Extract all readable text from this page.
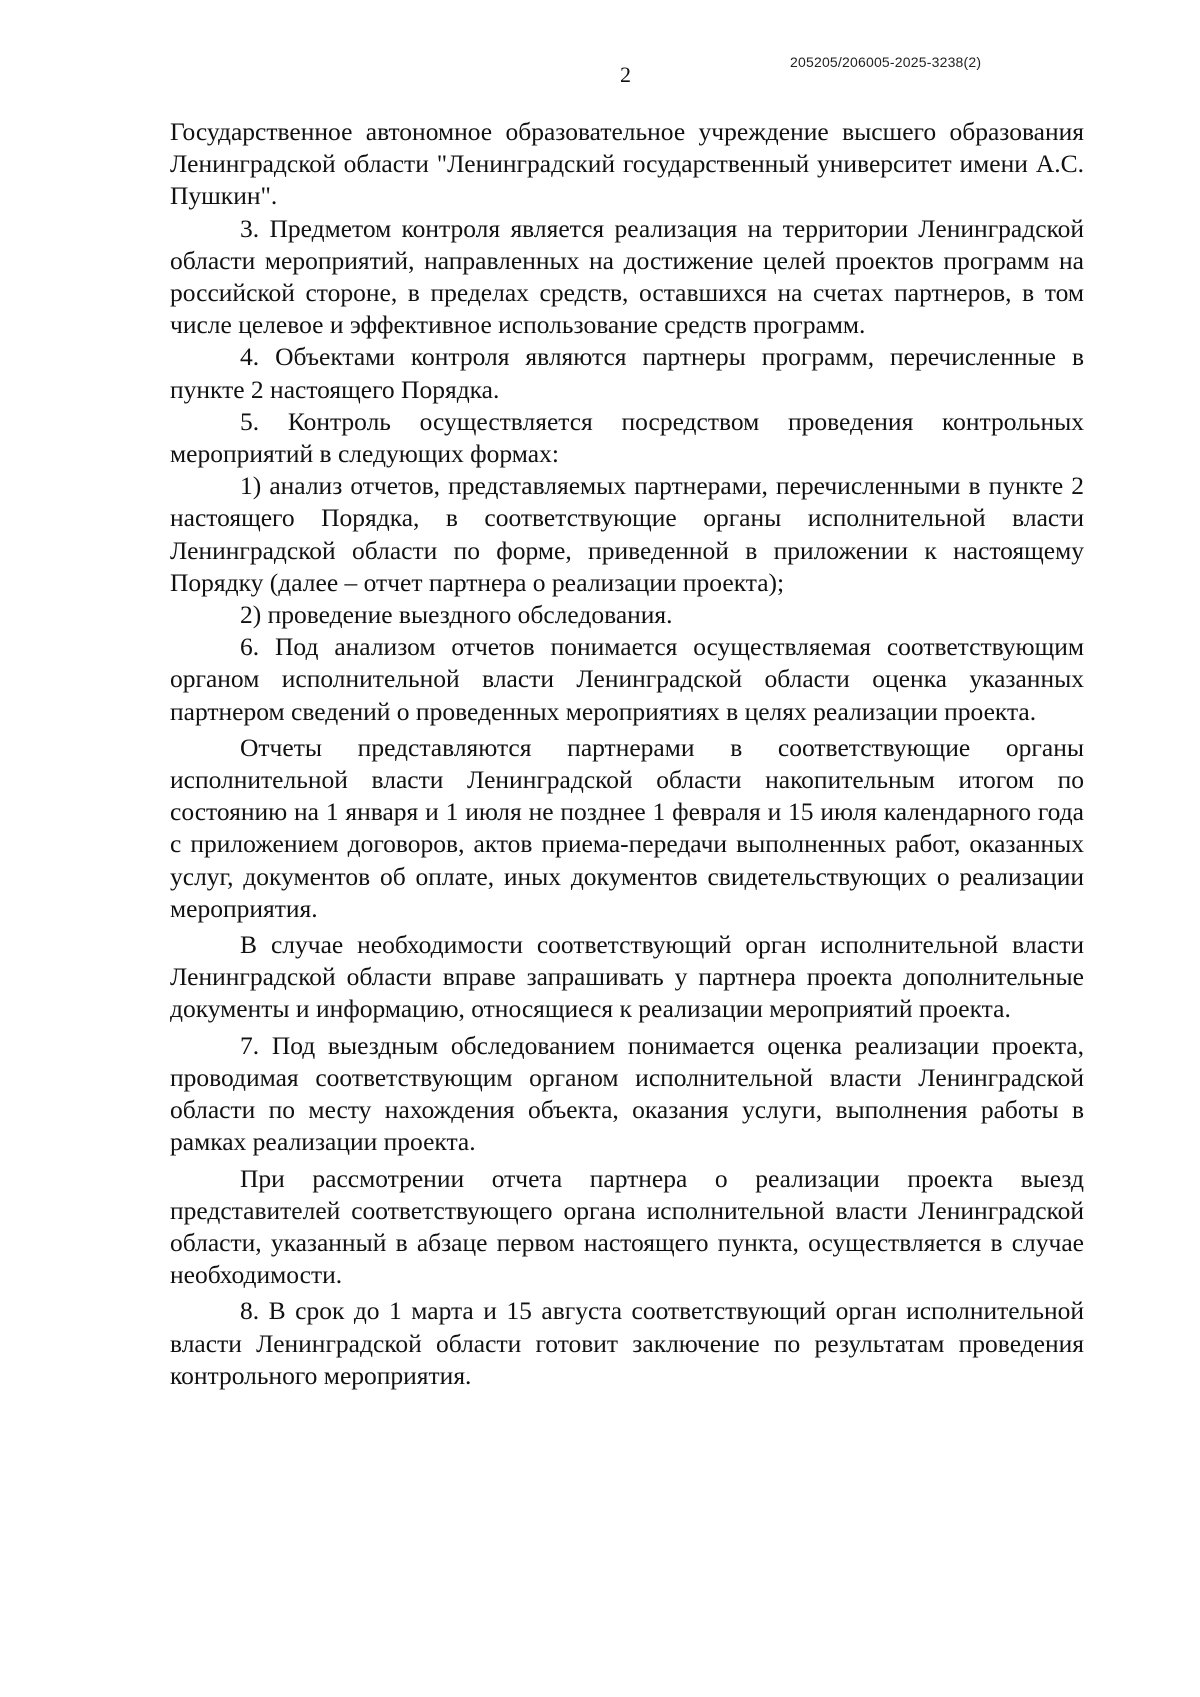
2	205205/206005-2025-3238(2)

Государственное автономное образовательное учреждение высшего образования Ленинградской области "Ленинградский государственный университет имени А.С. Пушкин".

3. Предметом контроля является реализация на территории Ленинградской области мероприятий, направленных на достижение целей проектов программ на российской стороне, в пределах средств, оставшихся на счетах партнеров, в том числе целевое и эффективное использование средств программ.

4. Объектами контроля являются партнеры программ, перечисленные в пункте 2 настоящего Порядка.

5. Контроль осуществляется посредством проведения контрольных мероприятий в следующих формах:

1) анализ отчетов, представляемых партнерами, перечисленными в пункте 2 настоящего Порядка, в соответствующие органы исполнительной власти Ленинградской области по форме, приведенной в приложении к настоящему Порядку (далее – отчет партнера о реализации проекта);

2) проведение выездного обследования.

6. Под анализом отчетов понимается осуществляемая соответствующим органом исполнительной власти Ленинградской области оценка указанных партнером сведений о проведенных мероприятиях в целях реализации проекта.

Отчеты представляются партнерами в соответствующие органы исполнительной власти Ленинградской области накопительным итогом по состоянию на 1 января и 1 июля не позднее 1 февраля и 15 июля календарного года с приложением договоров, актов приема-передачи выполненных работ, оказанных услуг, документов об оплате, иных документов свидетельствующих о реализации мероприятия.

В случае необходимости соответствующий орган исполнительной власти Ленинградской области вправе запрашивать у партнера проекта дополнительные документы и информацию, относящиеся к реализации мероприятий проекта.

7. Под выездным обследованием понимается оценка реализации проекта, проводимая соответствующим органом исполнительной власти Ленинградской области по месту нахождения объекта, оказания услуги, выполнения работы в рамках реализации проекта.

При рассмотрении отчета партнера о реализации проекта выезд представителей соответствующего органа исполнительной власти Ленинградской области, указанный в абзаце первом настоящего пункта, осуществляется в случае необходимости.

8. В срок до 1 марта и 15 августа соответствующий орган исполнительной власти Ленинградской области готовит заключение по результатам проведения контрольного мероприятия.
